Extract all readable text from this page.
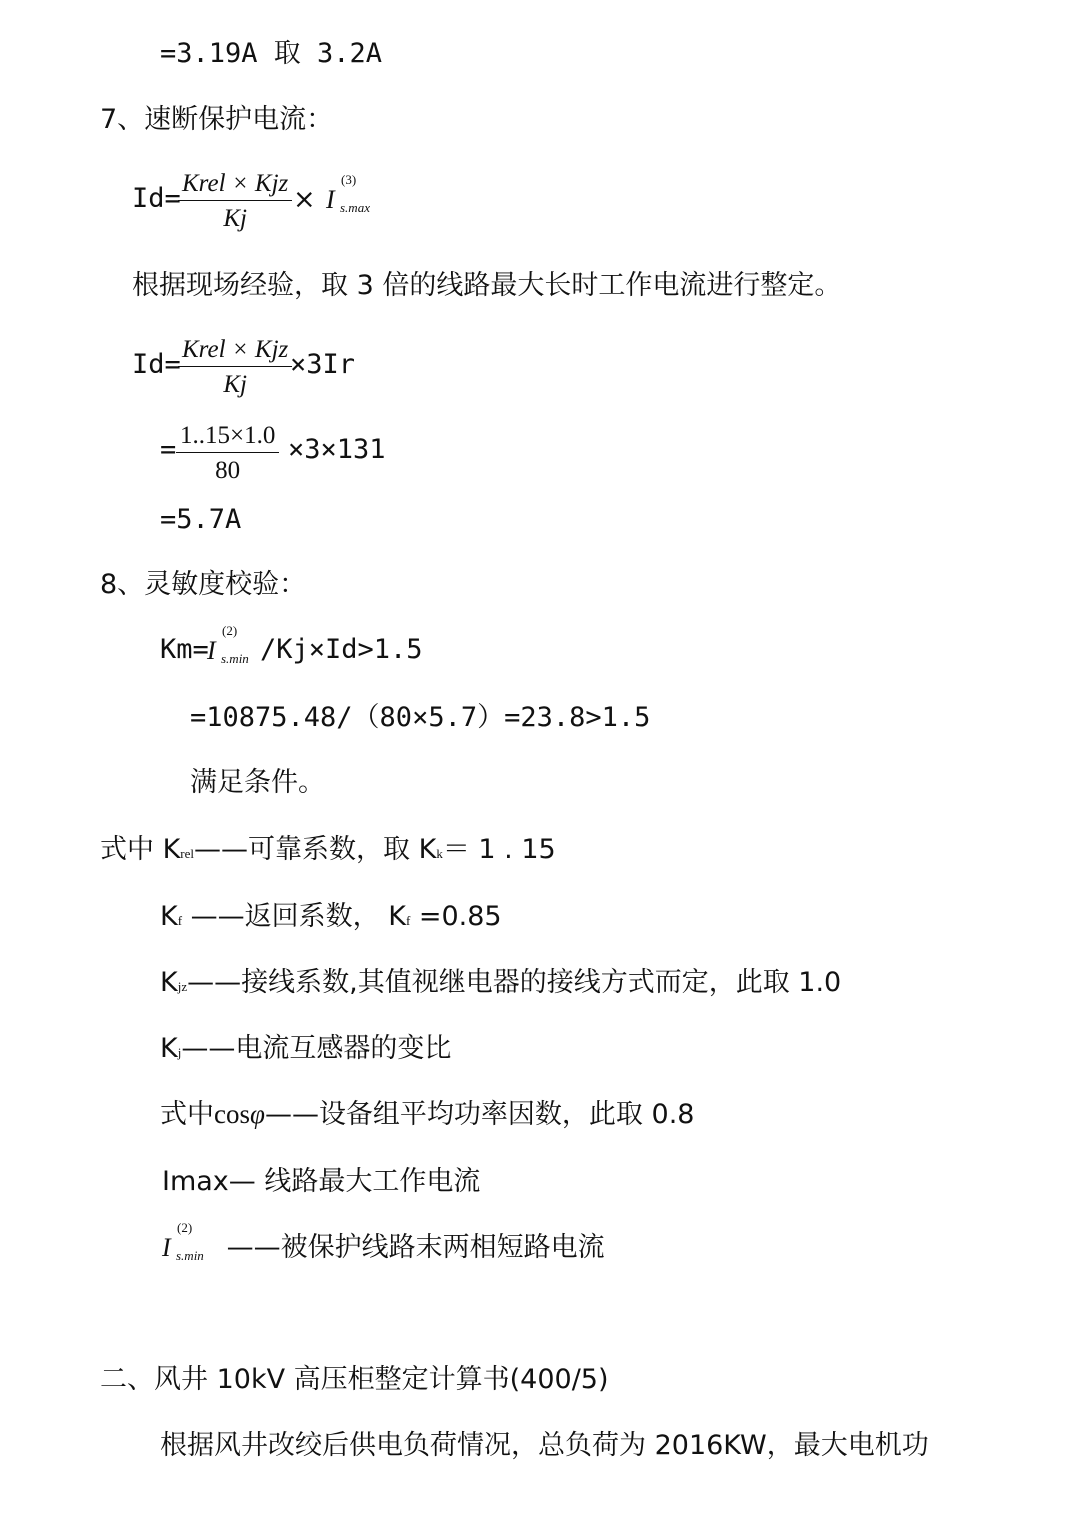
=3.19A 取 3.2A
7、速断保护电流：
Id= Krel × Kjz
Kj
× I
(3)
s.max
根据现场经验，取 3 倍的线路最大长时工作电流进行整定。
Id= Krel × Kjz
Kj
×3Ir
= $\frac{1..15\times 1.0}{80} \times 3\times 131$
=5.7A
8、灵敏度校验：
Km=
I
(2)
s.min /Kj×Id>1.5
=10875.48/（80×5.7）=23.8>1.5
满足条件。
式中 Krel——可靠系数，取 Kk＝ 1 . 15
Kf ——返回系数， Kf =0.85
Kjz——接线系数,其值视继电器的接线方式而定，此取 1.0
Kj——电流互感器的变比
式中cosφ——设备组平均功率因数，此取 0.8
Imax— 线路最大工作电流
I
(2)
s.min ——被保护线路末两相短路电流
二、风井 10kV 高压柜整定计算书(400/5)
根据风井改绞后供电负荷情况，总负荷为 2016KW，最大电机功
